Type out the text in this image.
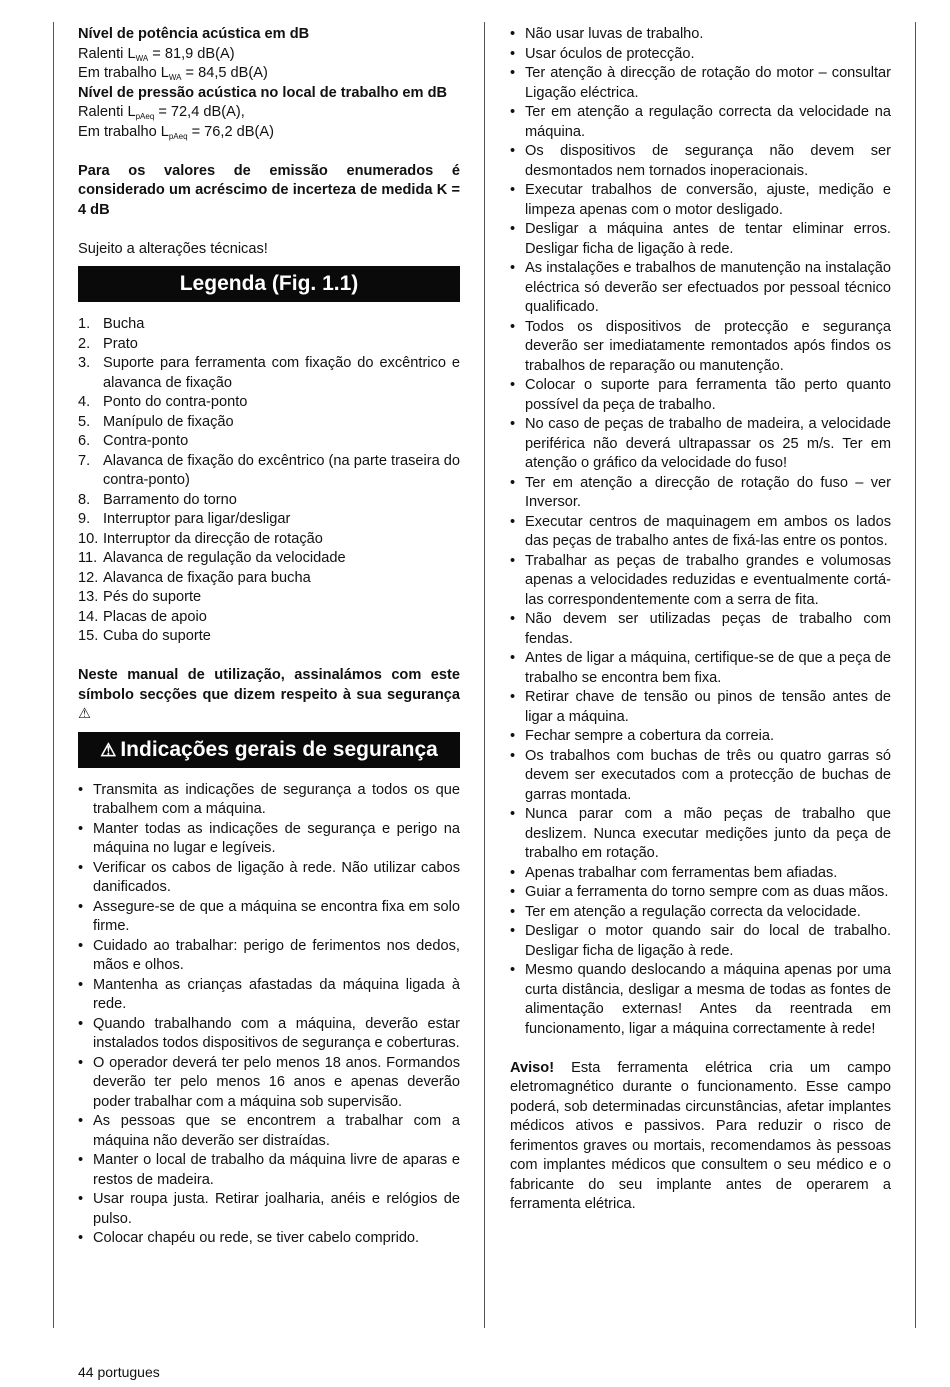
Nível de potência acústica em dB

Ralenti $L_{WA} = 81,9$ dB(A)

Em trabalho $L_{WA} = 84,5$ dB(A)

Nível de pressão acústica no local de trabalho em dB

Ralenti $L_{pAeq} = 72,4$ dB(A),

Em trabalho $L_{pAeq} = 76,2$ dB(A)

Para os valores de emissão enumerados é considerado um acréscimo de incerteza de medida K = 4 dB

Sujeito a alterações técnicas!

Legenda (Fig. 1.1)
1. Bucha
2. Prato
3. Suporte para ferramenta com fixação do excêntrico e alavanca de fixação
4. Ponto do contra-ponto
5. Manípulo de fixação
6. Contra-ponto
7. Alavanca de fixação do excêntrico (na parte traseira do contra-ponto)
8. Barramento do torno
9. Interruptor para ligar/desligar
10. Interruptor da direcção de rotação
11. Alavanca de regulação da velocidade
12. Alavanca de fixação para bucha
13. Pés do suporte
14. Placas de apoio
15. Cuba do suporte

Neste manual de utilização, assinalámos com este símbolo secções que dizem respeito à sua segurança ⚠

⚠ Indicações gerais de segurança
• Transmita as indicações de segurança a todos os que trabalhem com a máquina.
• Manter todas as indicações de segurança e perigo na máquina no lugar e legíveis.
• Verificar os cabos de ligação à rede. Não utilizar cabos danificados.
• Assegure-se de que a máquina se encontra fixa em solo firme.
• Cuidado ao trabalhar: perigo de ferimentos nos dedos, mãos e olhos.
• Mantenha as crianças afastadas da máquina ligada à rede.
• Quando trabalhando com a máquina, deverão estar instalados todos dispositivos de segurança e coberturas.
• O operador deverá ter pelo menos 18 anos. Formandos deverão ter pelo menos 16 anos e apenas deverão poder trabalhar com a máquina sob supervisão.
• As pessoas que se encontrem a trabalhar com a máquina não deverão ser distraídas.
• Manter o local de trabalho da máquina livre de aparas e restos de madeira.
• Usar roupa justa. Retirar joalharia, anéis e relógios de pulso.
• Colocar chapéu ou rede, se tiver cabelo comprido.
• Não usar luvas de trabalho.
• Usar óculos de protecção.
• Ter atenção à direcção de rotação do motor – consultar Ligação eléctrica.
• Ter em atenção a regulação correcta da velocidade na máquina.
• Os dispositivos de segurança não devem ser desmontados nem tornados inoperacionais.
• Executar trabalhos de conversão, ajuste, medição e limpeza apenas com o motor desligado.
• Desligar a máquina antes de tentar eliminar erros. Desligar ficha de ligação à rede.
• As instalações e trabalhos de manutenção na instalação eléctrica só deverão ser efectuados por pessoal técnico qualificado.
• Todos os dispositivos de protecção e segurança deverão ser imediatamente remontados após findos os trabalhos de reparação ou manutenção.
• Colocar o suporte para ferramenta tão perto quanto possível da peça de trabalho.
• No caso de peças de trabalho de madeira, a velocidade periférica não deverá ultrapassar os 25 m/s. Ter em atenção o gráfico da velocidade do fuso!
• Ter em atenção a direcção de rotação do fuso – ver Inversor.
• Executar centros de maquinagem em ambos os lados das peças de trabalho antes de fixá-las entre os pontos.
• Trabalhar as peças de trabalho grandes e volumosas apenas a velocidades reduzidas e eventualmente cortá-las correspondentemente com a serra de fita.
• Não devem ser utilizadas peças de trabalho com fendas.
• Antes de ligar a máquina, certifique-se de que a peça de trabalho se encontra bem fixa.
• Retirar chave de tensão ou pinos de tensão antes de ligar a máquina.
• Fechar sempre a cobertura da correia.
• Os trabalhos com buchas de três ou quatro garras só devem ser executados com a protecção de buchas de garras montada.
• Nunca parar com a mão peças de trabalho que deslizem. Nunca executar medições junto da peça de trabalho em rotação.
• Apenas trabalhar com ferramentas bem afiadas.
• Guiar a ferramenta do torno sempre com as duas mãos.
• Ter em atenção a regulação correcta da velocidade.
• Desligar o motor quando sair do local de trabalho. Desligar ficha de ligação à rede.
• Mesmo quando deslocando a máquina apenas por uma curta distância, desligar a mesma de todas as fontes de alimentação externas! Antes da reentrada em funcionamento, ligar a máquina correctamente à rede!

Aviso! Esta ferramenta elétrica cria um campo eletromagnético durante o funcionamento. Esse campo poderá, sob determinadas circunstâncias, afetar implantes médicos ativos e passivos. Para reduzir o risco de ferimentos graves ou mortais, recomendamos às pessoas com implantes médicos que consultem o seu médico e o fabricante do seu implante antes de operarem a ferramenta elétrica.

44 portugues
